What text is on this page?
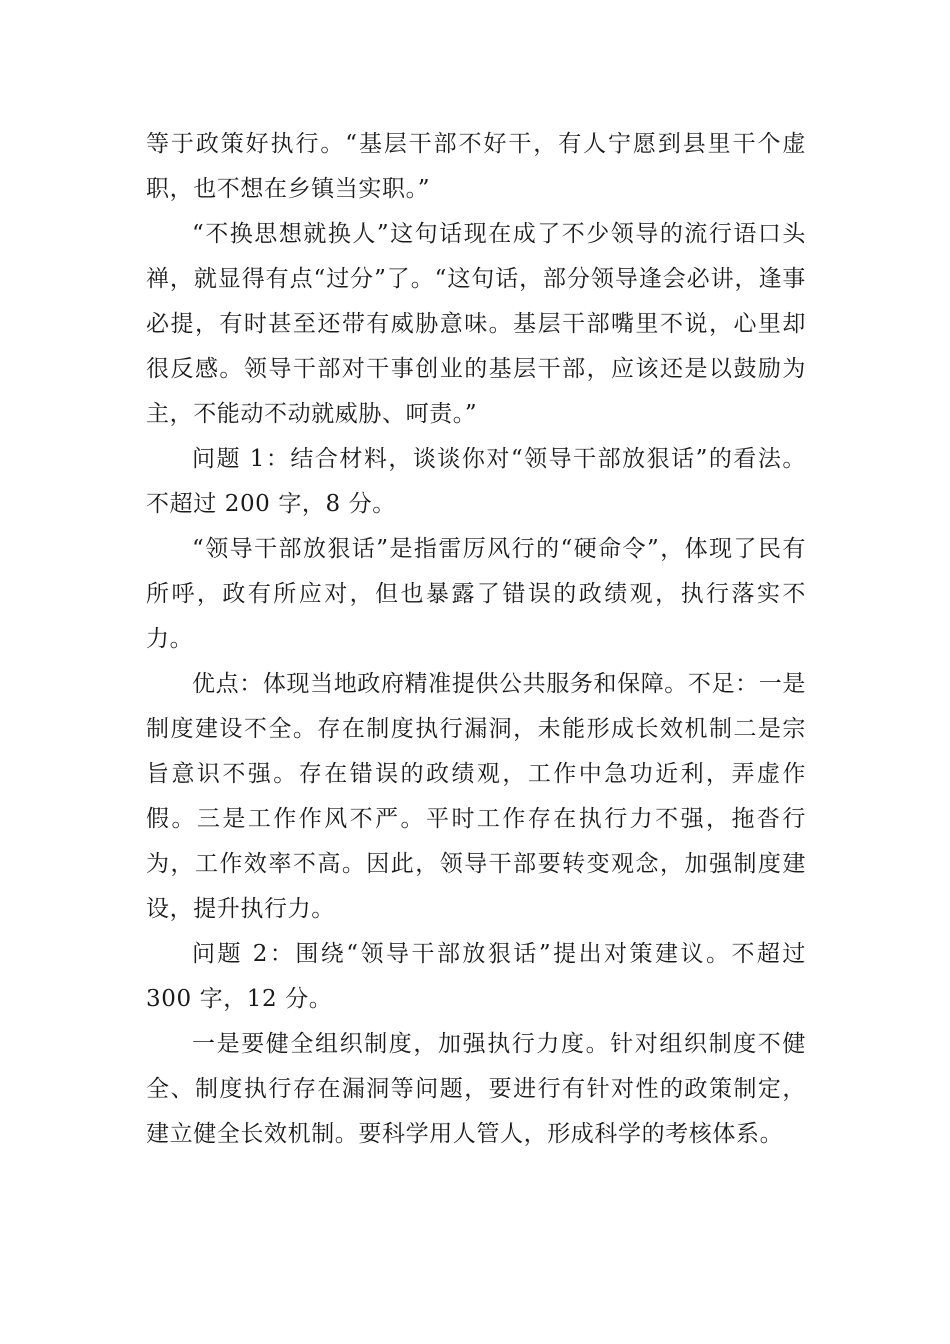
等于政策好执行。“基层干部不好干，有人宁愿到县里干个虚职，也不想在乡镇当实职。”

“不换思想就换人”这句话现在成了不少领导的流行语口头禅，就显得有点“过分”了。“这句话，部分领导逢会必讲，逢事必提，有时甚至还带有威胁意味。基层干部嘴里不说，心里却很反感。领导干部对干事创业的基层干部，应该还是以鼓励为主，不能动不动就威胁、呵责。”

问题 1：结合材料，谈谈你对“领导干部放狠话”的看法。不超过 200 字，8 分。

“领导干部放狠话”是指雷厉风行的“硬命令”，体现了民有所呼，政有所应对，但也暴露了错误的政绩观，执行落实不力。

优点：体现当地政府精准提供公共服务和保障。不足：一是制度建设不全。存在制度执行漏洞，未能形成长效机制二是宗旨意识不强。存在错误的政绩观，工作中急功近利，弄虚作假。三是工作作风不严。平时工作存在执行力不强，拖沓行为，工作效率不高。因此，领导干部要转变观念，加强制度建设，提升执行力。

问题 2：围绕“领导干部放狠话”提出对策建议。不超过 300 字，12 分。

一是要健全组织制度，加强执行力度。针对组织制度不健全、制度执行存在漏洞等问题，要进行有针对性的政策制定，建立健全长效机制。要科学用人管人，形成科学的考核体系。
